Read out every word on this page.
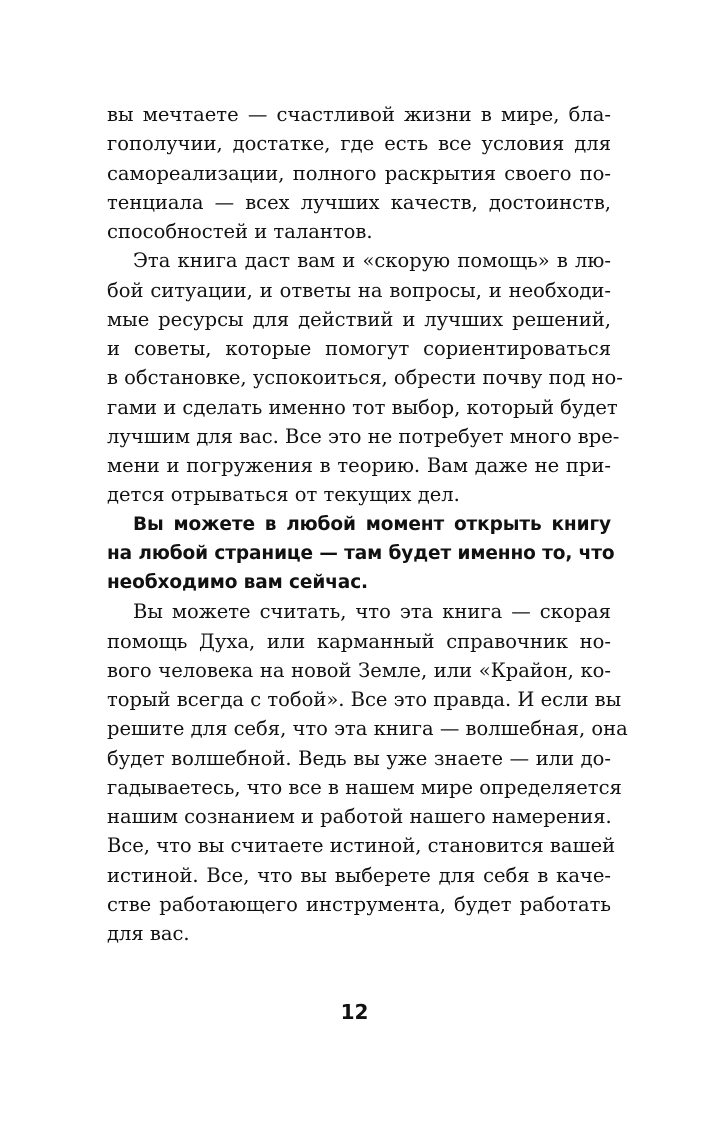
вы мечтаете — счастливой жизни в мире, бла-
гополучии, достатке, где есть все условия для
самореализации, полного раскрытия своего по-
тенциала — всех лучших качеств, достоинств,
способностей и талантов.
Эта книга даст вам и «скорую помощь» в лю-
бой ситуации, и ответы на вопросы, и необходи-
мые ресурсы для действий и лучших решений,
и советы, которые помогут сориентироваться
в обстановке, успокоиться, обрести почву под но-
гами и сделать именно тот выбор, который будет
лучшим для вас. Все это не потребует много вре-
мени и погружения в теорию. Вам даже не при-
дется отрываться от текущих дел.
Вы можете в любой момент открыть книгу
на любой странице — там будет именно то, что
необходимо вам сейчас.
Вы можете считать, что эта книга — скорая
помощь Духа, или карманный справочник но-
вого человека на новой Земле, или «Крайон, ко-
торый всегда с тобой». Все это правда. И если вы
решите для себя, что эта книга — волшебная, она
будет волшебной. Ведь вы уже знаете — или до-
гадываетесь, что все в нашем мире определяется
нашим сознанием и работой нашего намерения.
Все, что вы считаете истиной, становится вашей
истиной. Все, что вы выберете для себя в каче-
стве работающего инструмента, будет работать
для вас.
12
